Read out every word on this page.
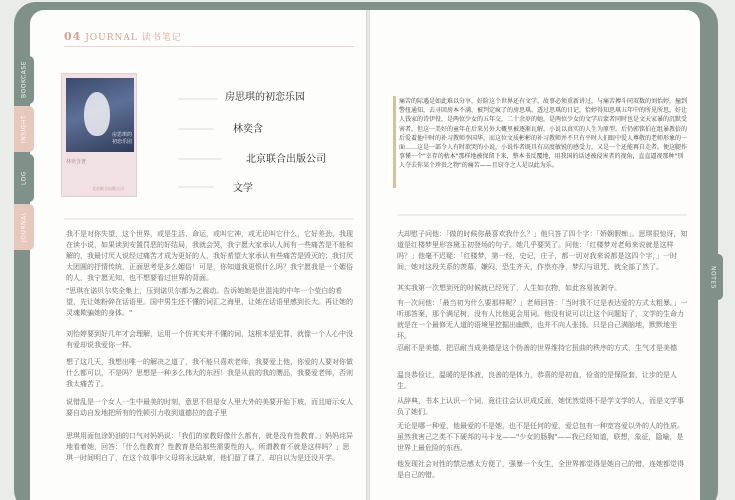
BOOKCASE
INSIGHT
LOG
JOURNAL
NOTES
04 JOURNAL 读书笔记
房思琪的初恋乐园
林奕含著
北京联合出版公司
房思琪的初恋乐园
林奕含
北京联合出版公司
文学
我不是对你失望，这个世界，或是生活、命运，或叫它神，或无论叫它什么，它好差劲，我现在读小说，如果读到安置罚恶的好结局，我就会哭，我宁愿大家承认人间有一些痛苦是不能和解的，我最讨厌人说经过痛苦才成为更好的人，我好希望大家承认有些痛苦是毁灭的；我讨厌大团圆的抒情传统，正面思考是多么媚俗！可是，你知道我更恨什么吗？我宁愿我是一个媚俗的人，我宁愿无知，也不想要看过世界的背面。
"思琪在诺贝尔奖全集上，压到诺贝尔都为之震动。告诉她她是世混沌的中年一个莹白的希望，先让她粉碎在话语里。国中男生还不懂的词汇之海里，让她在话语里感到长大。再让她的灵魂欺骗她的身体。"
刘怡婷要到好几年才会理解，运用一个仿其实并不懂的词，这根本是犯罪，就像一个人心中没有爱却说我爱你一样。
想了这几天，我想出唯一的解决之道了，我不能只喜欢老师，我要爱上他，你爱的人要对你做什么都可以，不是吗？思想是一种多么伟大的东西！我是从前的我的赝品，我要爱老师，否则我太痛苦了。
说错乱是一个女人一生中最美的时刻，意思不但是女人里大外的美要开始下坡，而且暗示女人要自动自发地把所有的性顿引力收到道德拉的盒子里
思琪用面包涂奶油的口气对妈妈说：「我们的家教好像什么都有，就是没有性教育。」妈妈诧异地看着她，回答：「什么性教育？性教育是给那些需要性的人。所谓教育不就是这样吗？」思琪一时间明白了，在这个故事中父母将永远缺席，他们留了课了，却自以为是还没开学。
痛苦的际遇是如此难以分享，好险这个世界还有文学。故事必须重新讲过，与痛苦搏斗同双数的刘怡婷，撞到警扭通知，去寻回房本不满、被判定疯了的房思琪。透过思琪的日记，恰婷得知思琪五年中的所见所思。好让人钱家的诗伊役，是两位少女的五年交，二十余岁的她，是两位少女的文学启蒙者同时也是文天家暴的沉默受害者。但这一美好的童年在后来另外大概里被逐渐瓦解，小说以真实的人生为原型。后仍郭铭伯在组暴教倍的后爱着他中时的补习教师李国华，而这位文质彬彬的补习教师并不只有平时人们眼中爱人尊敬的老师形象的一面……这是一部令人有时欲哭的小说，小说作者既具有高度敏锐的感受力，又是一个还能再自走者。便这腿作事懂一个"幸存的枯本"那样地被保留下来，整本书反覆地，用我国的话述被侵害者的视角，直直逼视那种"别人夺去你某个珍贵之物"的痛苦——且窃夺之人是以此为乐。
大却慰子问他：「做的时候你最喜欢我什么？」他只答了四个字：「娇娴假痴」。思琪很惊讶，知道是红楼梦里形容黛玉初登场的句子。她几乎要哭了。问他：「红楼梦对老师来说就是这样吗？」他毫不迟疑：「红楼梦，第一经，史记，庄子，都一切对我来说都是这四个字，」一时间，她对这段关系的羡慕，嫌闷，恐生齐天，作祟亦净，梦幻与诅咒，就全部了然了。
其实我第一次想到死的时候就已经死了，人生如衣物，如此容易被剥夺。
有一次问他：「最当初为什么要那样呢？」老师回答：「当时我不过是表达爱的方式太粗暴。」一听那答案，那个满足树，没有人比他更会用词。他没有说可以让这个问题好了，文学的生命力就是在一个最修无人道的语境里挖掘出幽默，也并不向人张扬。只是自己满脑地，默默地坐坏。
忍耐不是美德，把忍耐当成美德是这个伪善的世界维持它扭曲的秩序的方式，生气才是美德
温良恭俭让，温暖的是体液，良善的是体力，恭喜的是初血，俭省的是保险套，让步的是人生。
从辞典，书本上认识一个词，竟往往会认识成反面，她忧然觉得不是学文学的人，而是文学事负了她们。
无论是哪一种爱，他最爱的不是她，也不是任何的爱，爱总包有一种宽容爱以外的人的性质。虽然我害己之类不下硬邦的马卡龙——"少女的肠胸"——我已经知道，联想，象征，隐喻，是世界上最危险的东西。
他发现社会对性的禁忌感太方便了，强暴一个女生，全世界都觉得是她自己的错，连她都觉得是自己的错。
